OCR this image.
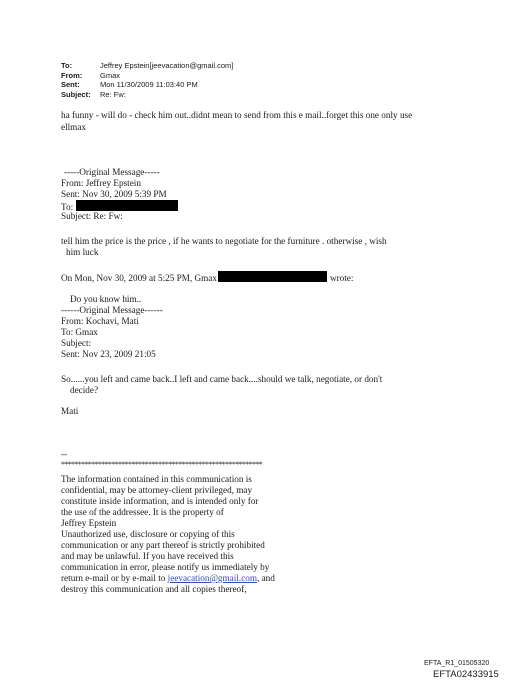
To:	Jeffrey Epstein[jeevacation@gmail.com]
From:	Gmax
Sent:	Mon 11/30/2009 11:03:40 PM
Subject:	Re: Fw:
ha funny - will do - check him out..didnt mean to send from this e mail..forget this one only use
ellmax
-----Original Message-----
From: Jeffrey Epstein
Sent: Nov 30, 2009 5:39 PM
To:
Subject: Re: Fw:
tell him the price is the price , if he wants to negotiate for the furniture . otherwise , wish
him luck
On Mon, Nov 30, 2009 at 5:25 PM, Gmax	wrote:
Do you know him..
------Original Message------
From: Kochavi, Mati
To: Gmax
Subject:
Sent: Nov 23, 2009 21:05
So......you left and came back..I left and came back....should we talk, negotiate, or don't
decide?
Mati
--
************************************************************
The information contained in this communication is
confidential, may be attorney-client privileged, may
constitute inside information, and is intended only for
the use of the addressee. It is the property of
Jeffrey Epstein
Unauthorized use, disclosure or copying of this
communication or any part thereof is strictly prohibited
and may be unlawful. If you have received this
communication in error, please notify us immediately by
return e-mail or by e-mail to jeevacation@gmail.com, and
destroy this communication and all copies thereof,
EFTA_R1_01505320
EFTA02433915
